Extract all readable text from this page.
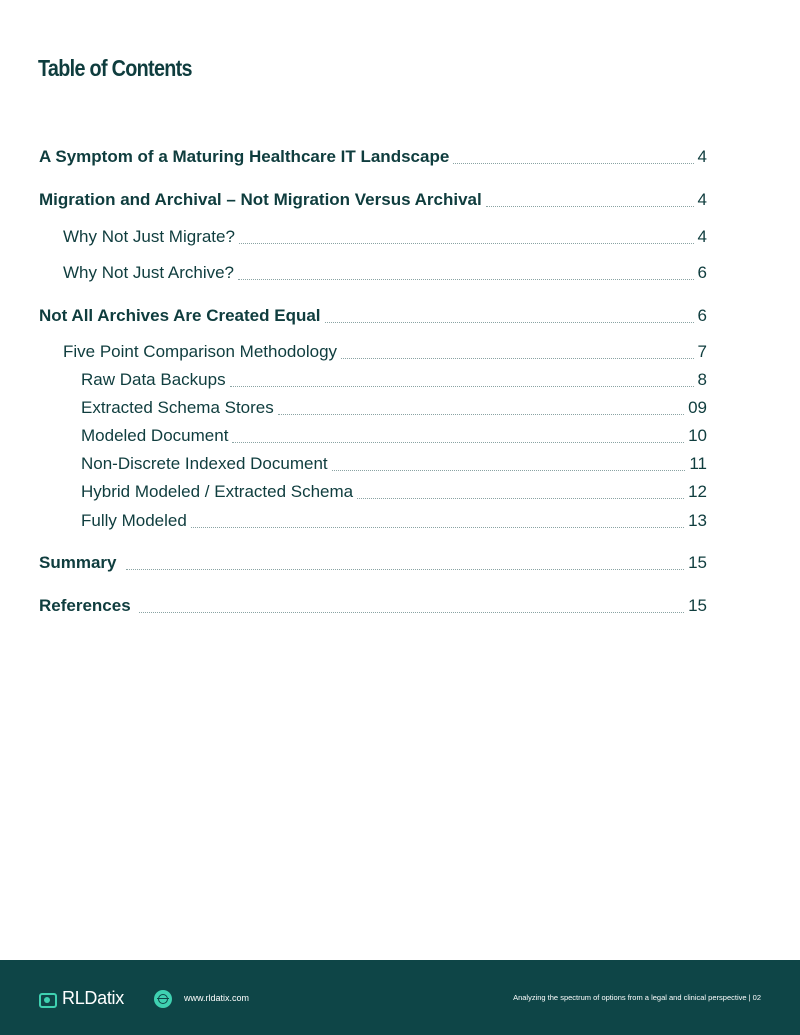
Table of Contents
A Symptom of a Maturing Healthcare IT Landscape	4
Migration and Archival – Not Migration Versus Archival	4
Why Not Just Migrate?	4
Why Not Just Archive?	6
Not All Archives Are Created Equal	6
Five Point Comparison Methodology	7
Raw Data Backups	8
Extracted Schema Stores	09
Modeled Document	10
Non-Discrete Indexed Document	11
Hybrid Modeled / Extracted Schema	12
Fully Modeled	13
Summary	15
References	15
RLDatix	www.rldatix.com	Analyzing the spectrum of options from a legal and clinical perspective | 02
